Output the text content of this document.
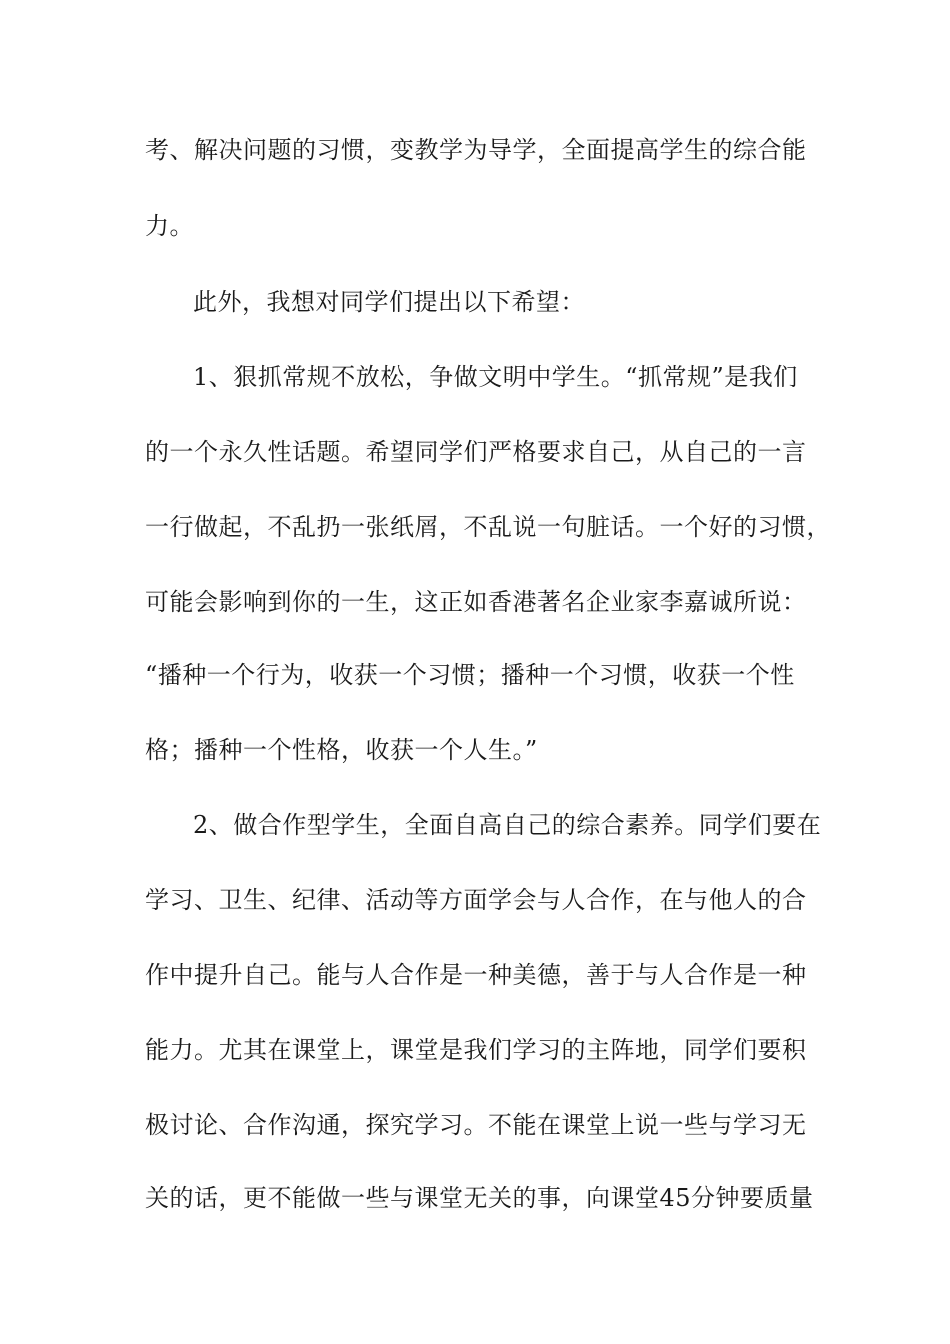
考、解决问题的习惯，变教学为导学，全面提高学生的综合能
力。
此外，我想对同学们提出以下希望：
1、狠抓常规不放松，争做文明中学生。“抓常规”是我们
的一个永久性话题。希望同学们严格要求自己，从自己的一言
一行做起，不乱扔一张纸屑，不乱说一句脏话。一个好的习惯，
可能会影响到你的一生，这正如香港著名企业家李嘉诚所说：
“播种一个行为，收获一个习惯；播种一个习惯，收获一个性
格；播种一个性格，收获一个人生。”
2、做合作型学生，全面自高自己的综合素养。同学们要在
学习、卫生、纪律、活动等方面学会与人合作，在与他人的合
作中提升自己。能与人合作是一种美德，善于与人合作是一种
能力。尤其在课堂上，课堂是我们学习的主阵地，同学们要积
极讨论、合作沟通，探究学习。不能在课堂上说一些与学习无
关的话，更不能做一些与课堂无关的事，向课堂45分钟要质量
